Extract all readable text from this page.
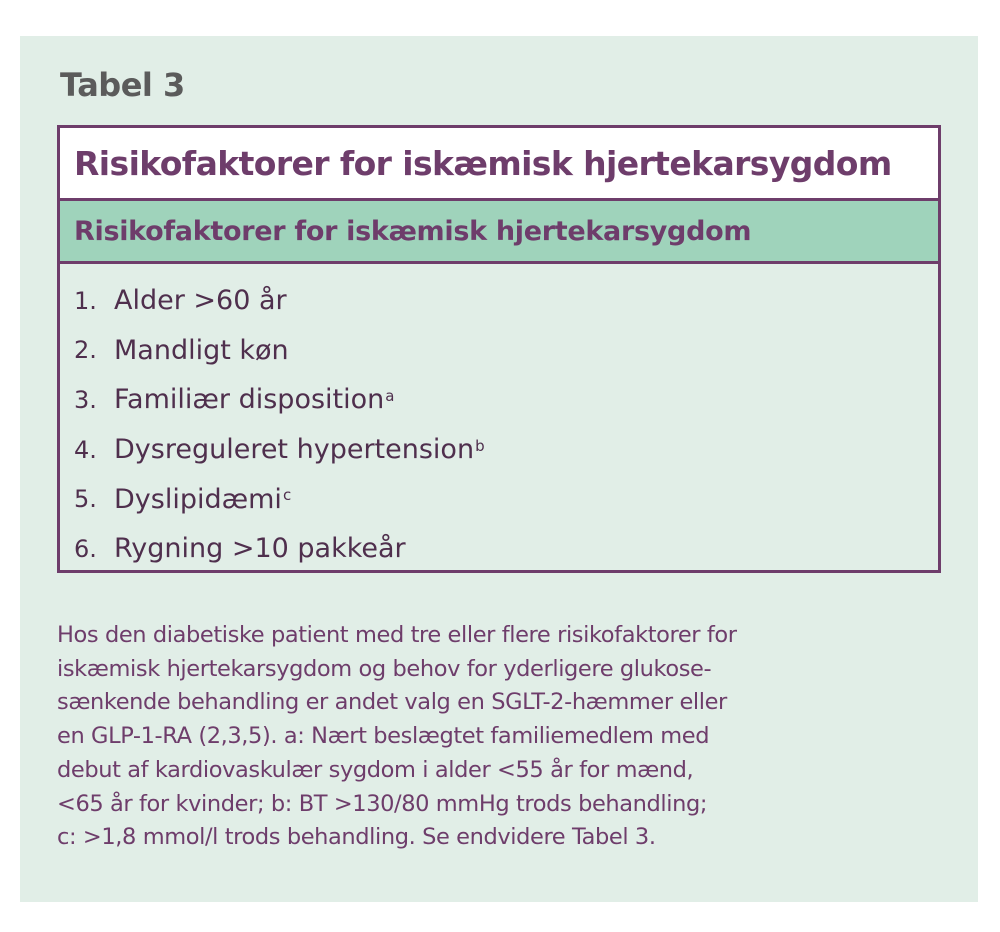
Tabel 3
Risikofaktorer for iskæmisk hjertekarsygdom
Risikofaktorer for iskæmisk hjertekarsygdom
1. Alder >60 år
2. Mandligt køn
3. Familiær disposition$^a$
4. Dysreguleret hypertension$^b$
5. Dyslipidæmi$^c$
6. Rygning >10 pakkeår

Hos den diabetiske patient med tre eller flere risikofaktorer for
iskæmisk hjertekarsygdom og behov for yderligere glukose-
sænkende behandling er andet valg en SGLT-2-hæmmer eller
en GLP-1-RA (2,3,5). a: Nært beslægtet familiemedlem med
debut af kardiovaskulær sygdom i alder <55 år for mænd,
<65 år for kvinder; b: BT >130/80 mmHg trods behandling;
c: >1,8 mmol/l trods behandling. Se endvidere Tabel 3.
